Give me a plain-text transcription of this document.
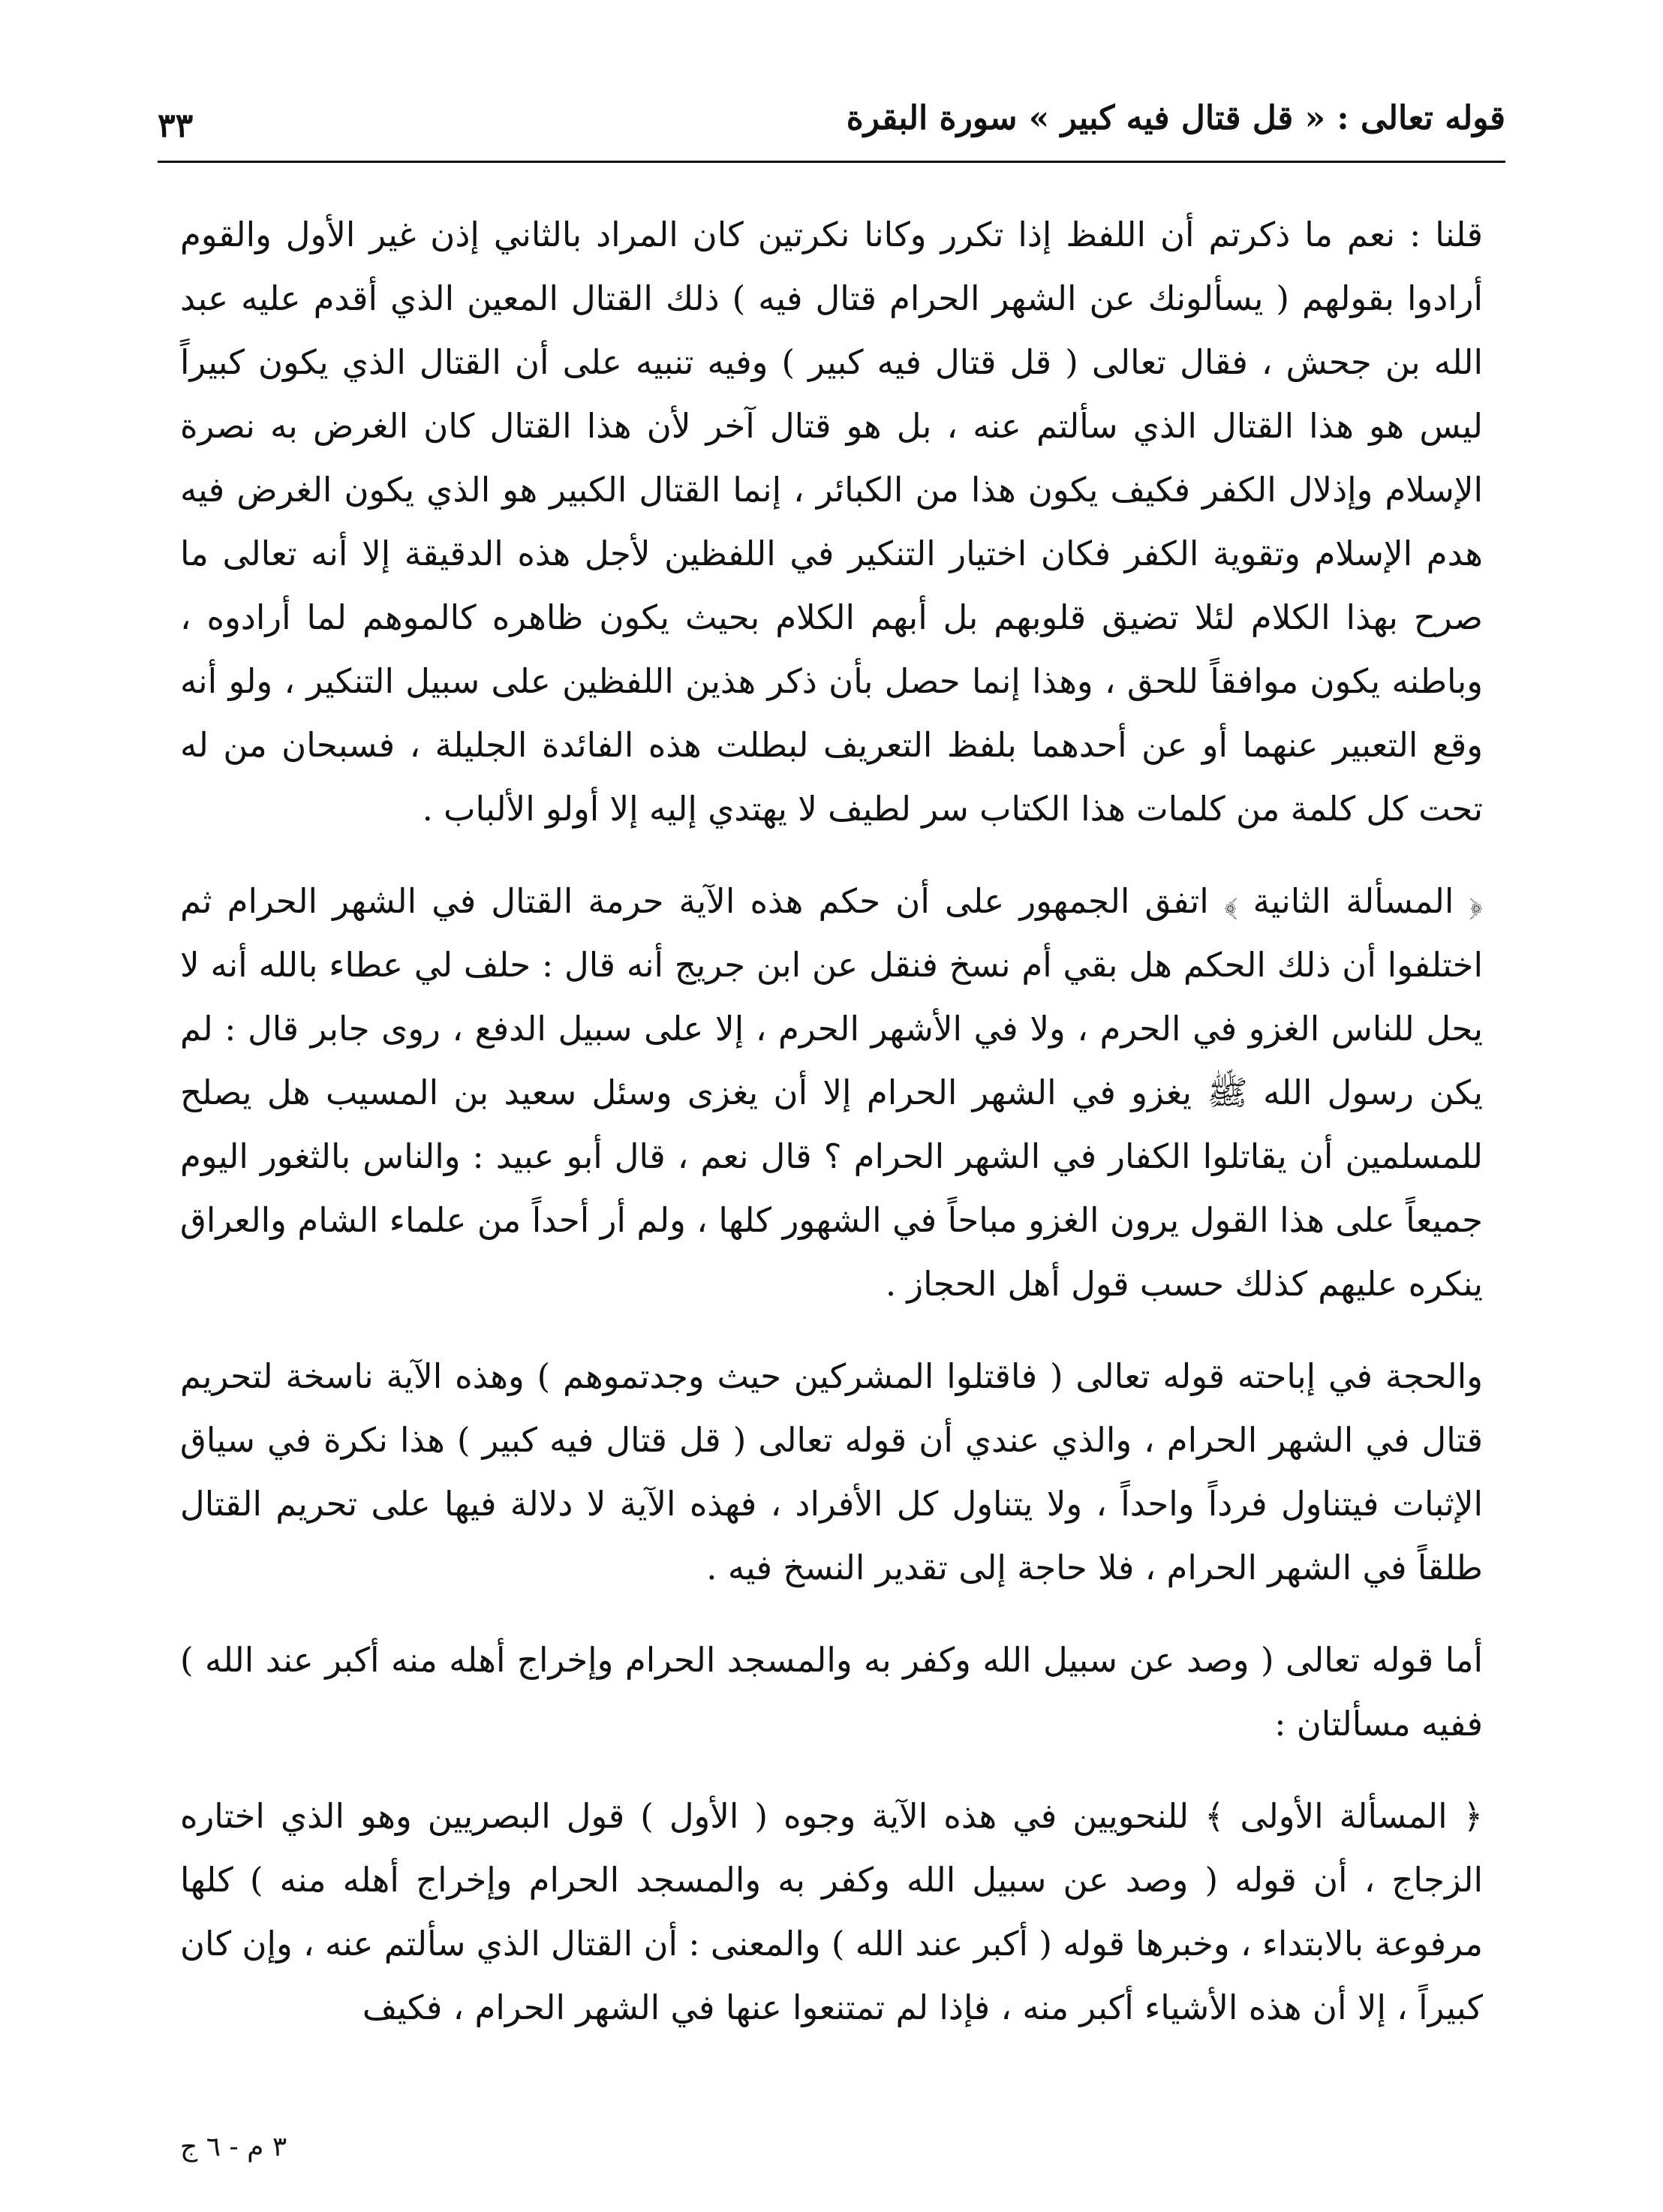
قوله تعالى : « قل قتال فيه كبير » سورة البقرة
٣٣

قلنا : نعم ما ذكرتم أن اللفظ إذا تكرر وكانا نكرتين كان المراد بالثاني إذن غير الأول والقوم أرادوا بقولهم ( يسألونك عن الشهر الحرام قتال فيه ) ذلك القتال المعين الذي أقدم عليه عبد الله بن جحش ، فقال تعالى ( قل قتال فيه كبير ) وفيه تنبيه على أن القتال الذي يكون كبيراً ليس هو هذا القتال الذي سألتم عنه ، بل هو قتال آخر لأن هذا القتال كان الغرض به نصرة الإسلام وإذلال الكفر فكيف يكون هذا من الكبائر ، إنما القتال الكبير هو الذي يكون الغرض فيه هدم الإسلام وتقوية الكفر فكان اختيار التنكير في اللفظين لأجل هذه الدقيقة إلا أنه تعالى ما صرح بهذا الكلام لئلا تضيق قلوبهم بل أبهم الكلام بحيث يكون ظاهره كالموهم لما أرادوه ، وباطنه يكون موافقاً للحق ، وهذا إنما حصل بأن ذكر هذين اللفظين على سبيل التنكير ، ولو أنه وقع التعبير عنهما أو عن أحدهما بلفظ التعريف لبطلت هذه الفائدة الجليلة ، فسبحان من له تحت كل كلمة من كلمات هذا الكتاب سر لطيف لا يهتدي إليه إلا أولو الألباب .

﴿ المسألة الثانية ﴾ اتفق الجمهور على أن حكم هذه الآية حرمة القتال في الشهر الحرام ثم اختلفوا أن ذلك الحكم هل بقي أم نسخ فنقل عن ابن جريج أنه قال : حلف لي عطاء بالله أنه لا يحل للناس الغزو في الحرم ، ولا في الأشهر الحرم ، إلا على سبيل الدفع ، روى جابر قال : لم يكن رسول الله ﷺ يغزو في الشهر الحرام إلا أن يغزى وسئل سعيد بن المسيب هل يصلح للمسلمين أن يقاتلوا الكفار في الشهر الحرام ؟ قال نعم ، قال أبو عبيد : والناس بالثغور اليوم جميعاً على هذا القول يرون الغزو مباحاً في الشهور كلها ، ولم أر أحداً من علماء الشام والعراق ينكره عليهم كذلك حسب قول أهل الحجاز .

والحجة في إباحته قوله تعالى ( فاقتلوا المشركين حيث وجدتموهم ) وهذه الآية ناسخة لتحريم قتال في الشهر الحرام ، والذي عندي أن قوله تعالى ( قل قتال فيه كبير ) هذا نكرة في سياق الإثبات فيتناول فرداً واحداً ، ولا يتناول كل الأفراد ، فهذه الآية لا دلالة فيها على تحريم القتال طلقاً في الشهر الحرام ، فلا حاجة إلى تقدير النسخ فيه .

أما قوله تعالى ( وصد عن سبيل الله وكفر به والمسجد الحرام وإخراج أهله منه أكبر عند الله ) ففيه مسألتان :

﴿ المسألة الأولى ﴾ للنحويين في هذه الآية وجوه ( الأول ) قول البصريين وهو الذي اختاره الزجاج ، أن قوله ( وصد عن سبيل الله وكفر به والمسجد الحرام وإخراج أهله منه ) كلها مرفوعة بالابتداء ، وخبرها قوله ( أكبر عند الله ) والمعنى : أن القتال الذي سألتم عنه ، وإن كان كبيراً ، إلا أن هذه الأشياء أكبر منه ، فإذا لم تمتنعوا عنها في الشهر الحرام ، فكيف

٣ م - ٦ ج
